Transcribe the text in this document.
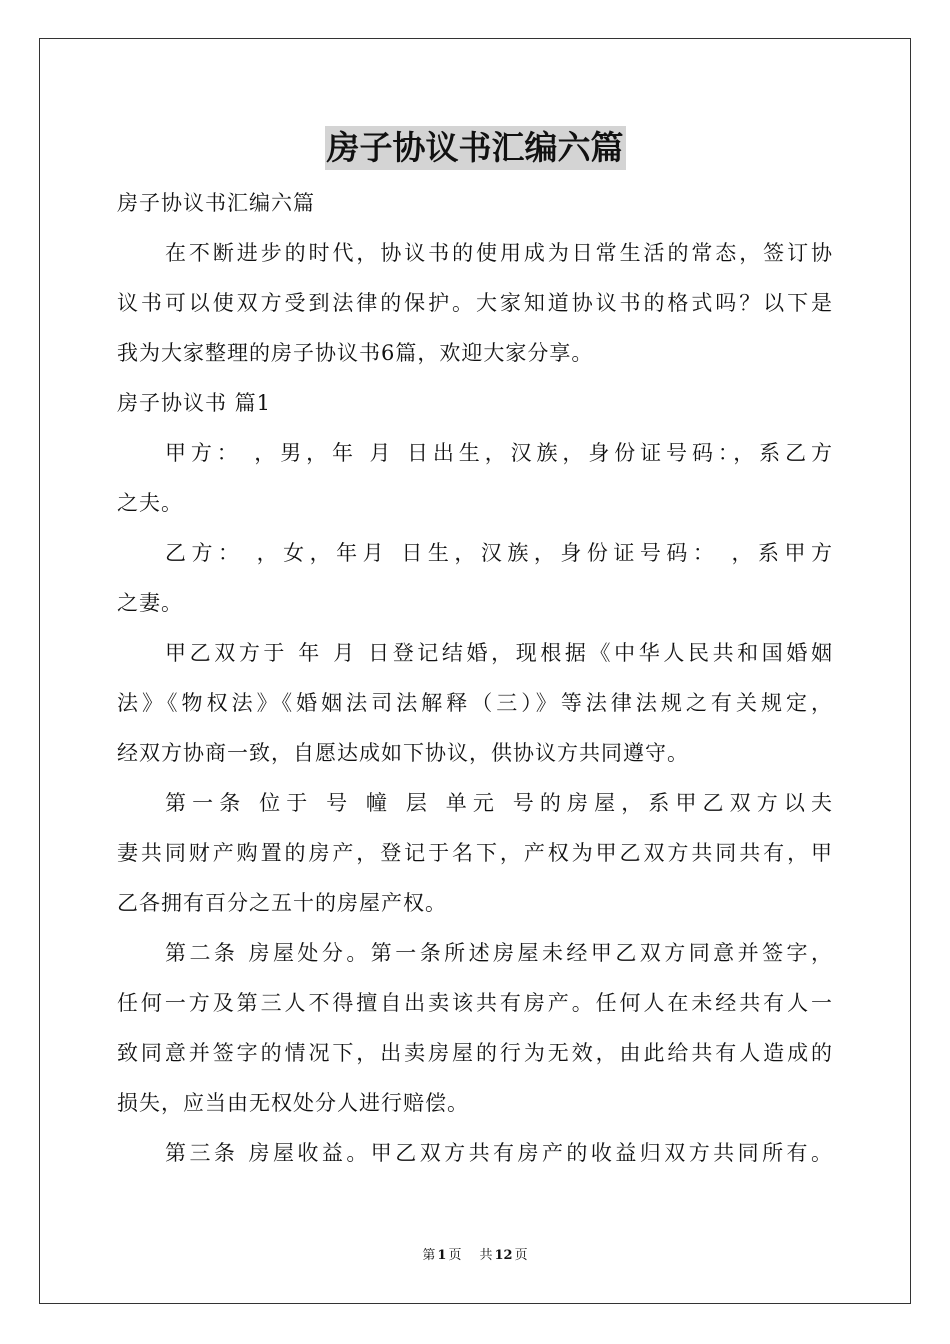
房子协议书汇编六篇
房子协议书汇编六篇
在不断进步的时代，协议书的使用成为日常生活的常态，签订协
议书可以使双方受到法律的保护。大家知道协议书的格式吗？以下是
我为大家整理的房子协议书6篇，欢迎大家分享。
房子协议书 篇1
甲方： ，男，年 月 日出生，汉族，身份证号码：，系乙方
之夫。
乙方： ，女，年月 日生，汉族，身份证号码： ，系甲方
之妻。
甲乙双方于 年 月 日登记结婚，现根据《中华人民共和国婚姻
法》《物权法》《婚姻法司法解释（三）》等法律法规之有关规定，
经双方协商一致，自愿达成如下协议，供协议方共同遵守。
第一条 位于 号 幢 层 单元 号的房屋，系甲乙双方以夫
妻共同财产购置的房产，登记于名下，产权为甲乙双方共同共有，甲
乙各拥有百分之五十的房屋产权。
第二条 房屋处分。第一条所述房屋未经甲乙双方同意并签字，
任何一方及第三人不得擅自出卖该共有房产。任何人在未经共有人一
致同意并签字的情况下，出卖房屋的行为无效，由此给共有人造成的
损失，应当由无权处分人进行赔偿。
第三条 房屋收益。甲乙双方共有房产的收益归双方共同所有。
第 1 页 共 12 页
